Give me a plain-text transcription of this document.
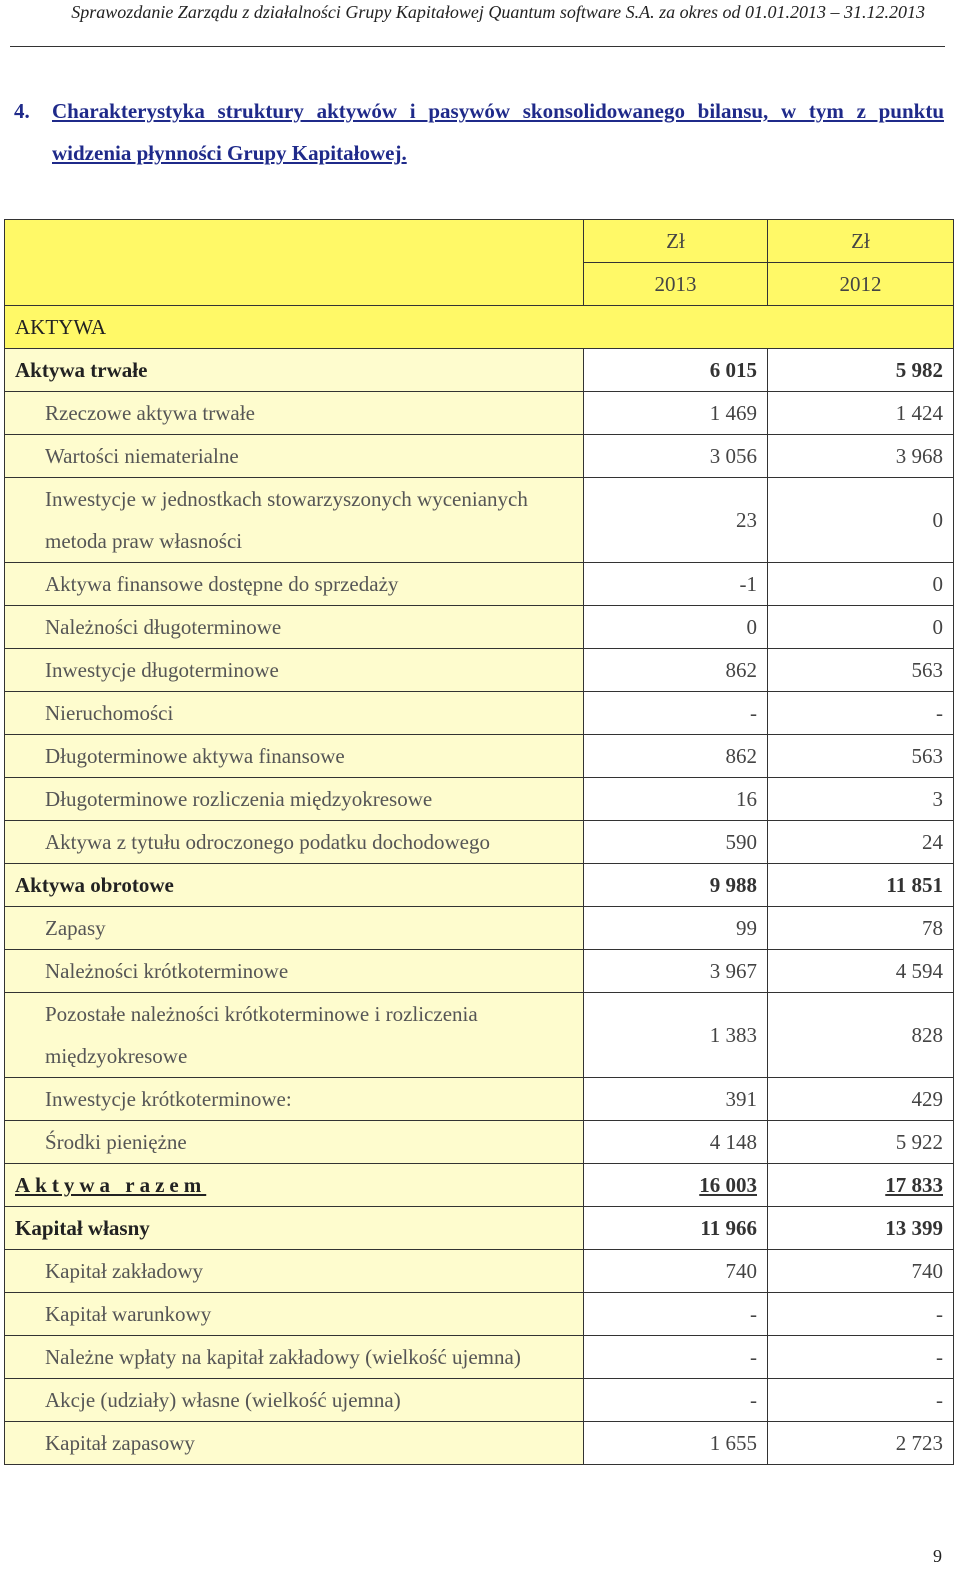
Sprawozdanie Zarządu z działalności Grupy Kapitałowej Quantum software S.A. za okres od 01.01.2013 – 31.12.2013
4. Charakterystyka struktury aktywów i pasywów skonsolidowanego bilansu, w tym z punktu widzenia płynności Grupy Kapitałowej.
	Zł	Zł
	2013	2012
AKTYWA		
Aktywa trwałe	6 015	5 982
Rzeczowe aktywa trwałe	1 469	1 424
Wartości niematerialne	3 056	3 968
Inwestycje w jednostkach stowarzyszonych wycenianych metoda praw własności	23	0
Aktywa finansowe dostępne do sprzedaży	-1	0
Należności długoterminowe	0	0
Inwestycje długoterminowe	862	563
Nieruchomości	-	-
Długoterminowe aktywa finansowe	862	563
Długoterminowe rozliczenia międzyokresowe	16	3
Aktywa z tytułu odroczonego podatku dochodowego	590	24
Aktywa obrotowe	9 988	11 851
Zapasy	99	78
Należności krótkoterminowe	3 967	4 594
Pozostałe należności krótkoterminowe i rozliczenia międzyokresowe	1 383	828
Inwestycje krótkoterminowe:	391	429
Środki pieniężne	4 148	5 922
Aktywa razem	16 003	17 833
Kapitał własny	11 966	13 399
Kapitał zakładowy	740	740
Kapitał warunkowy	-	-
Należne wpłaty na kapitał zakładowy (wielkość ujemna)	-	-
Akcje (udziały) własne (wielkość ujemna)	-	-
Kapitał zapasowy	1 655	2 723
9
